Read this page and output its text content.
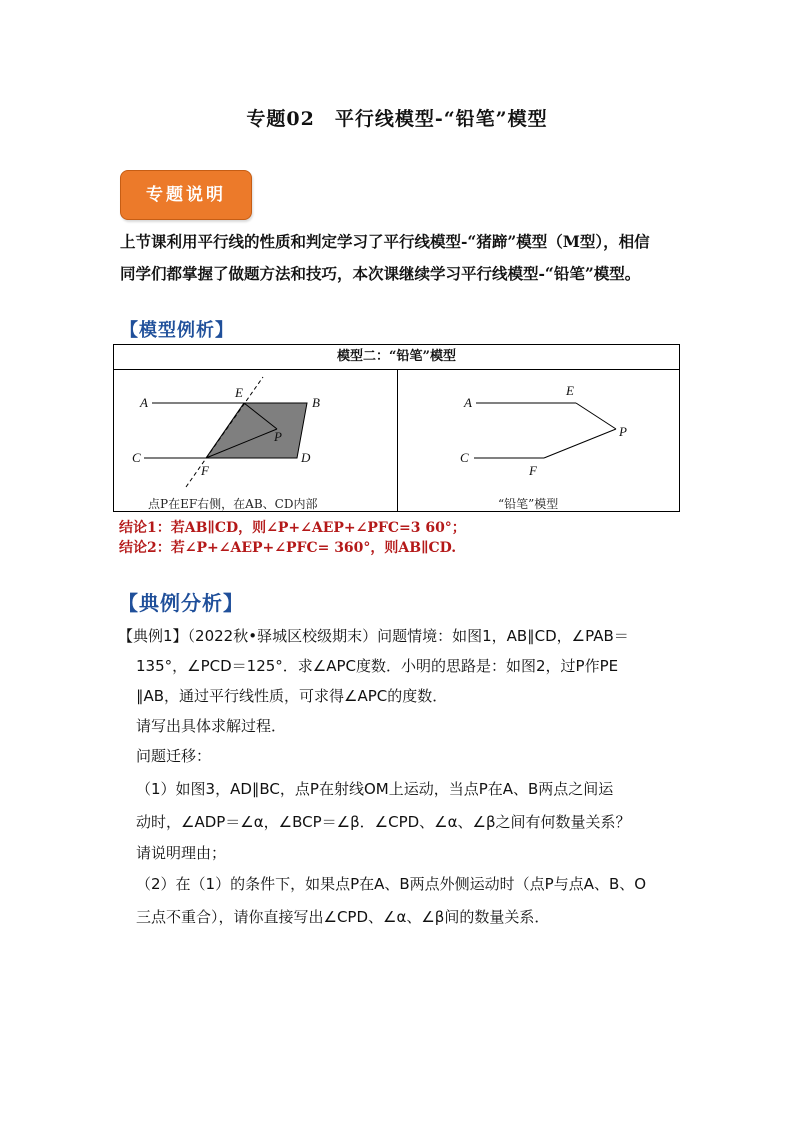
专题02　平行线模型-“铅笔”模型
专题说明
上节课利用平行线的性质和判定学习了平行线模型-“猪蹄”模型（M型），相信
同学们都掌握了做题方法和技巧，本次课继续学习平行线模型-“铅笔”模型。
【模型例析】
模型二：“铅笔”模型
A	B
C	D
E
F
P
点P在EF右侧，在AB、CD内部
A
E
P
C
F
“铅笔”模型
结论1：若AB∥CD，则∠P+∠AEP+∠PFC=3 60°；
结论2：若∠P+∠AEP+∠PFC= 360°，则AB∥CD.
【典例分析】
【典例1】（2022秋•驿城区校级期末）问题情境：如图1，AB∥CD，∠PAB＝
135°，∠PCD＝125°．求∠APC度数．小明的思路是：如图2，过P作PE
∥AB，通过平行线性质，可求得∠APC的度数．
请写出具体求解过程．
问题迁移：
（1）如图3，AD∥BC，点P在射线OM上运动，当点P在A、B两点之间运
动时，∠ADP＝∠α，∠BCP＝∠β．∠CPD、∠α、∠β之间有何数量关系？
请说明理由；
（2）在（1）的条件下，如果点P在A、B两点外侧运动时（点P与点A、B、O
三点不重合），请你直接写出∠CPD、∠α、∠β间的数量关系．
